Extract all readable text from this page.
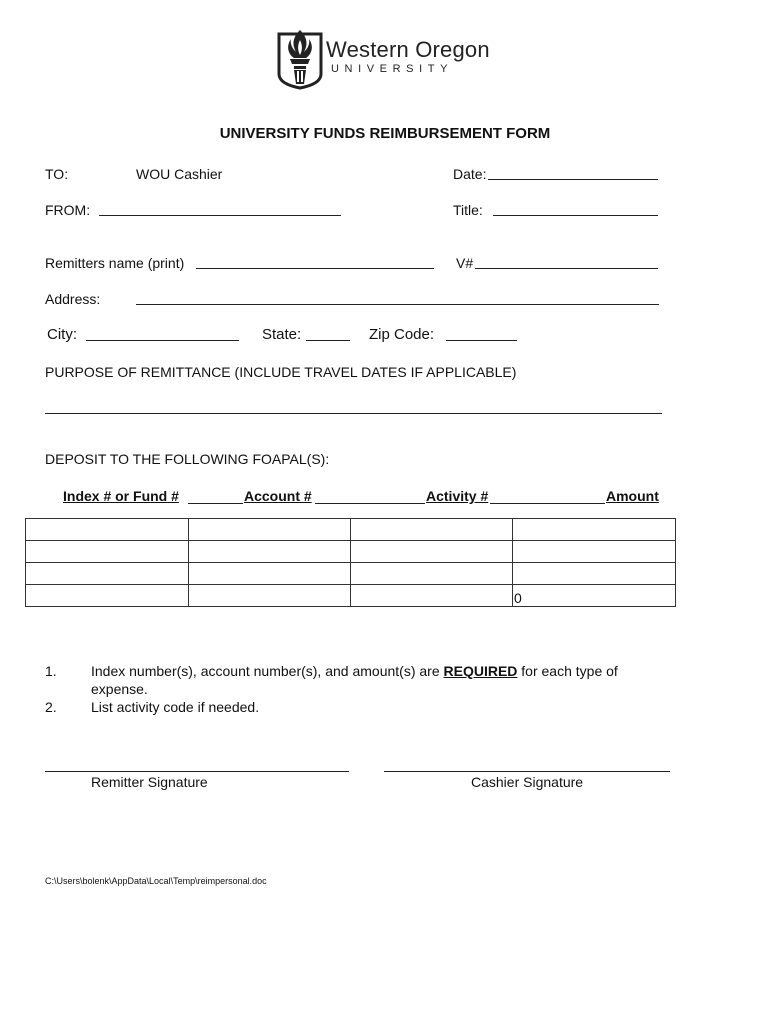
Western Oregon
UNIVERSITY
UNIVERSITY FUNDS REIMBURSEMENT FORM
TO:	WOU Cashier	Date:
FROM:	Title:
Remitters name (print)	V#
Address:
City:	State:	Zip Code:
PURPOSE OF REMITTANCE (INCLUDE TRAVEL DATES IF APPLICABLE)
DEPOSIT TO THE FOLLOWING FOAPAL(S):
Index # or Fund #	Account #	Activity #	Amount

			0
1. Index number(s), account number(s), and amount(s) are REQUIRED for each type of
expense.
2. List activity code if needed.
Remitter Signature	Cashier Signature
C:\Users\bolenk\AppData\Local\Temp\reimpersonal.doc
